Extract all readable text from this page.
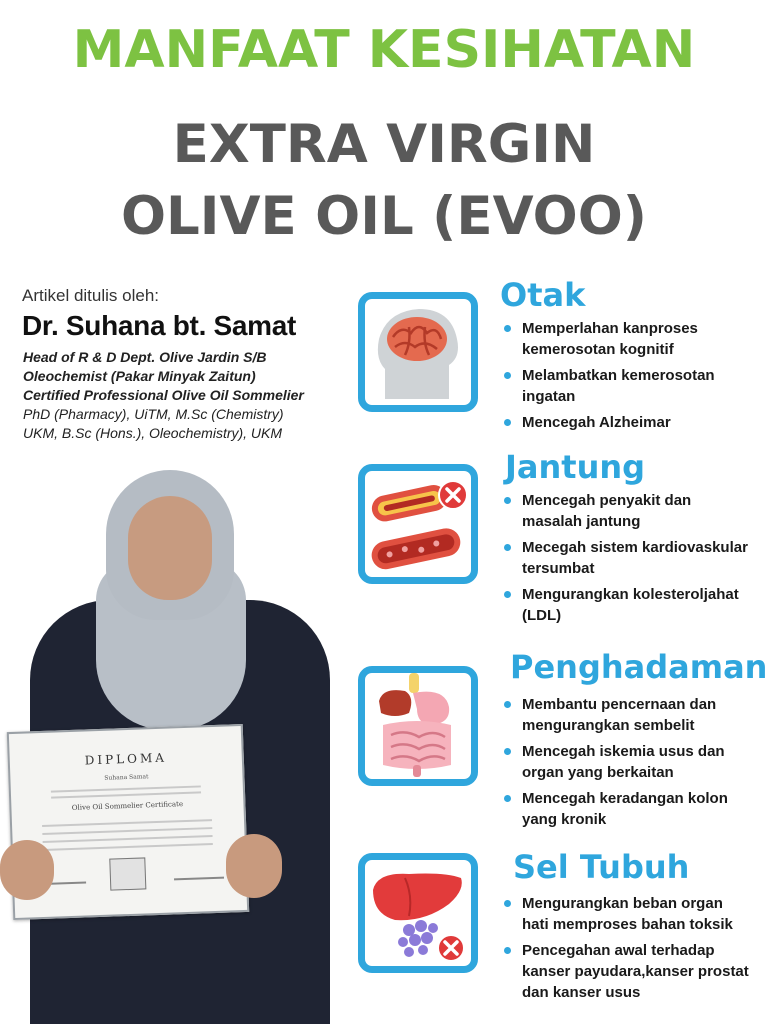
MANFAAT KESIHATAN
EXTRA VIRGIN
OLIVE OIL (EVOO)
Artikel ditulis oleh:
Dr. Suhana bt. Samat
Head of R & D Dept. Olive Jardin S/B
Oleochemist (Pakar Minyak Zaitun)
Certified Professional Olive Oil Sommelier
PhD (Pharmacy), UiTM, M.Sc (Chemistry)
UKM, B.Sc (Hons.), Oleochemistry), UKM
DIPLOMA
Suhana Samat
Olive Oil Sommelier Certificate
Otak
Memperlahan kanproses kemerosotan kognitif
Melambatkan kemerosotan ingatan
Mencegah Alzheimar
Jantung
Mencegah penyakit dan masalah jantung
Mecegah sistem kardiovaskular tersumbat
Mengurangkan kolesteroljahat (LDL)
Penghadaman
Membantu pencernaan dan mengurangkan sembelit
Mencegah iskemia usus dan organ yang berkaitan
Mencegah keradangan kolon yang kronik
Sel Tubuh
Mengurangkan beban organ hati memproses bahan toksik
Pencegahan awal terhadap kanser payudara,kanser prostat dan kanser usus
